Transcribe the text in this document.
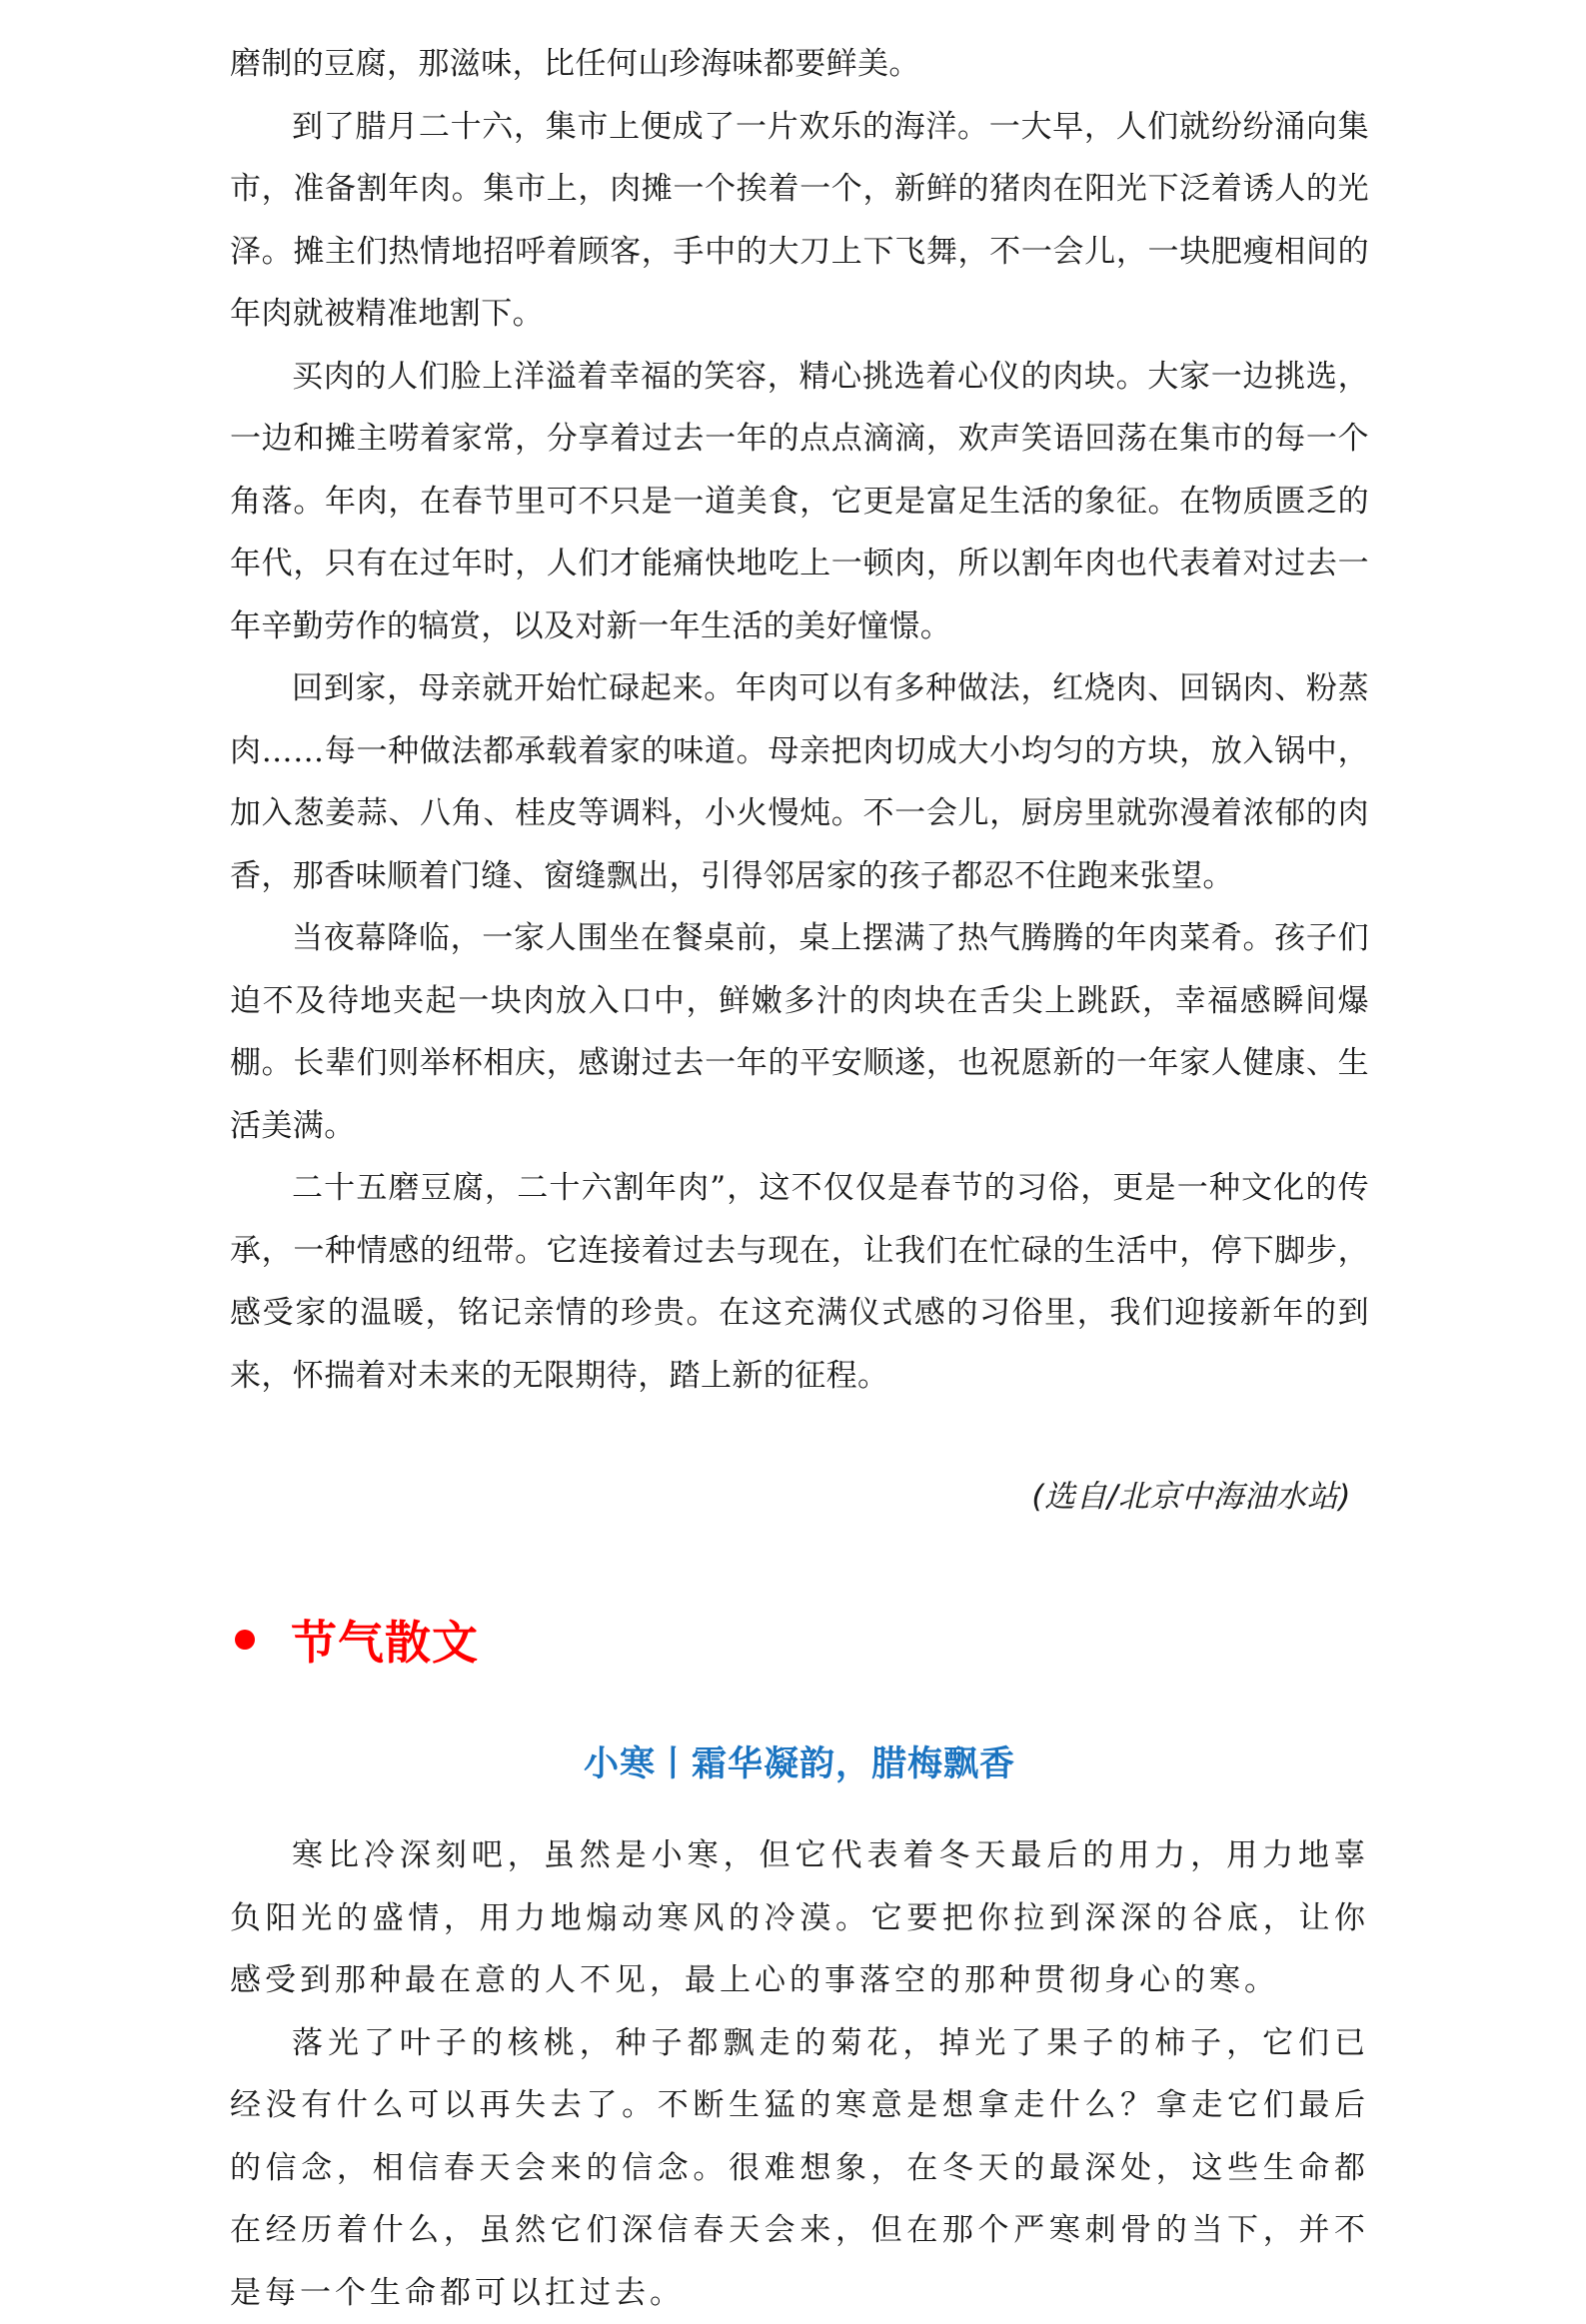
磨制的豆腐，那滋味，比任何山珍海味都要鲜美。

到了腊月二十六，集市上便成了一片欢乐的海洋。一大早，人们就纷纷涌向集市，准备割年肉。集市上，肉摊一个挨着一个，新鲜的猪肉在阳光下泛着诱人的光泽。摊主们热情地招呼着顾客，手中的大刀上下飞舞，不一会儿，一块肥瘦相间的年肉就被精准地割下。

买肉的人们脸上洋溢着幸福的笑容，精心挑选着心仪的肉块。大家一边挑选，一边和摊主唠着家常，分享着过去一年的点点滴滴，欢声笑语回荡在集市的每一个角落。年肉，在春节里可不只是一道美食，它更是富足生活的象征。在物质匮乏的年代，只有在过年时，人们才能痛快地吃上一顿肉，所以割年肉也代表着对过去一年辛勤劳作的犒赏，以及对新一年生活的美好憧憬。

回到家，母亲就开始忙碌起来。年肉可以有多种做法，红烧肉、回锅肉、粉蒸肉……每一种做法都承载着家的味道。母亲把肉切成大小均匀的方块，放入锅中，加入葱姜蒜、八角、桂皮等调料，小火慢炖。不一会儿，厨房里就弥漫着浓郁的肉香，那香味顺着门缝、窗缝飘出，引得邻居家的孩子都忍不住跑来张望。

当夜幕降临，一家人围坐在餐桌前，桌上摆满了热气腾腾的年肉菜肴。孩子们迫不及待地夹起一块肉放入口中，鲜嫩多汁的肉块在舌尖上跳跃，幸福感瞬间爆棚。长辈们则举杯相庆，感谢过去一年的平安顺遂，也祝愿新的一年家人健康、生活美满。

二十五磨豆腐，二十六割年肉”，这不仅仅是春节的习俗，更是一种文化的传承，一种情感的纽带。它连接着过去与现在，让我们在忙碌的生活中，停下脚步，感受家的温暖，铭记亲情的珍贵。在这充满仪式感的习俗里，我们迎接新年的到来，怀揣着对未来的无限期待，踏上新的征程。

(选自/北京中海油水站)
节气散文
小寒丨霜华凝韵，腊梅飘香

寒比冷深刻吧，虽然是小寒，但它代表着冬天最后的用力，用力地辜负阳光的盛情，用力地煽动寒风的冷漠。它要把你拉到深深的谷底，让你感受到那种最在意的人不见，最上心的事落空的那种贯彻身心的寒。

落光了叶子的核桃，种子都飘走的菊花，掉光了果子的柿子，它们已经没有什么可以再失去了。不断生猛的寒意是想拿走什么？拿走它们最后的信念，相信春天会来的信念。很难想象，在冬天的最深处，这些生命都在经历着什么，虽然它们深信春天会来，但在那个严寒刺骨的当下，并不是每一个生命都可以扛过去。
